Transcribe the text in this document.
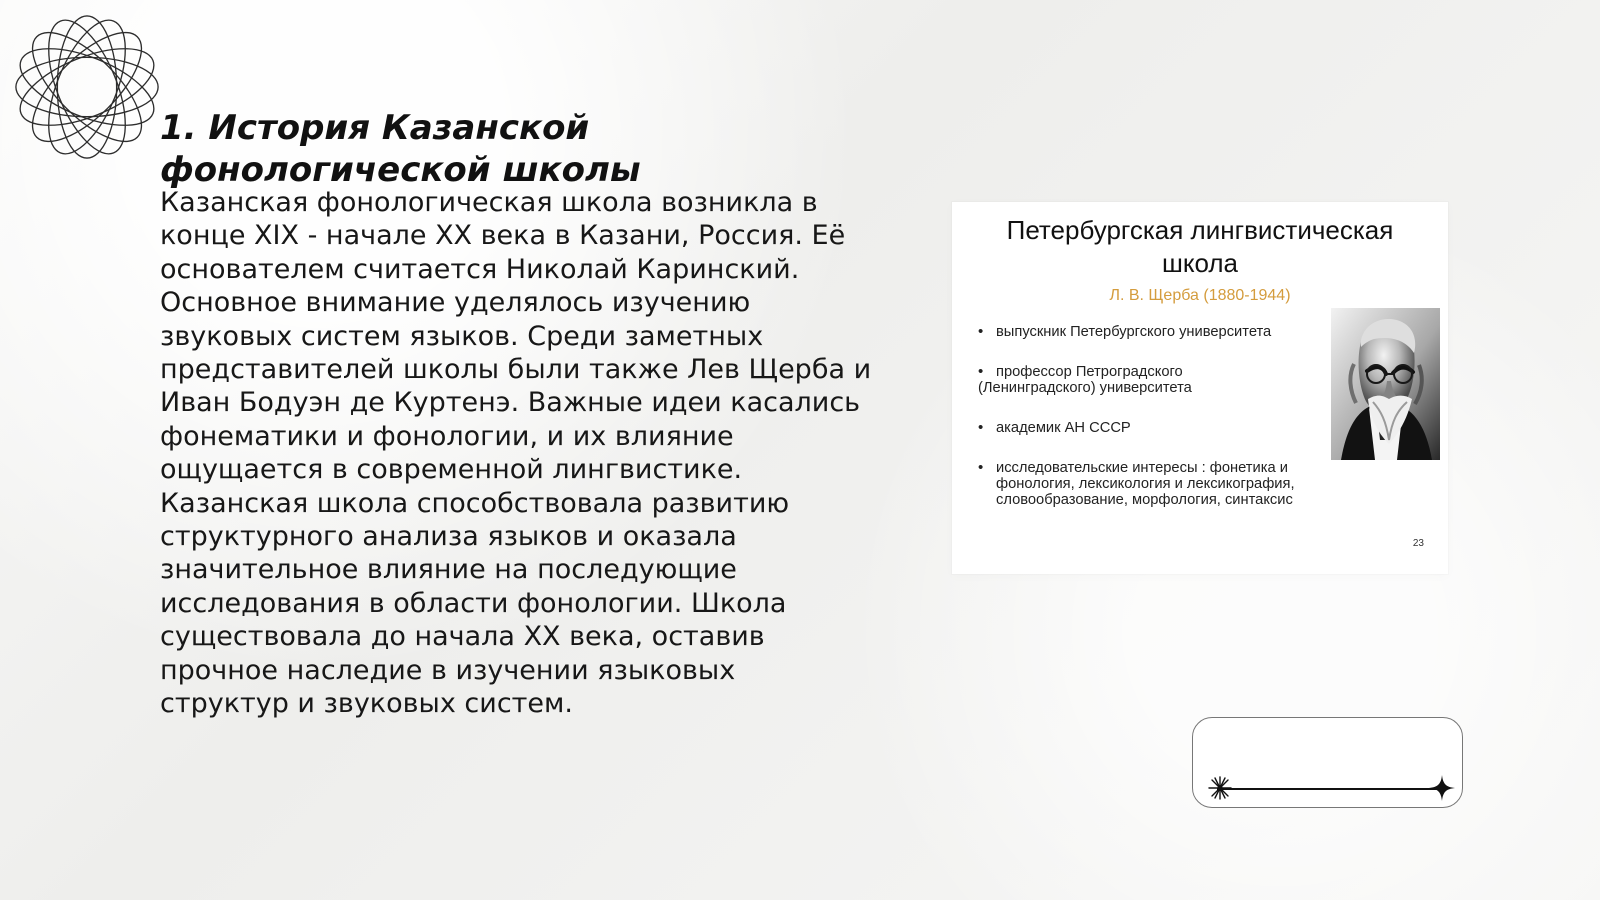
1. История Казанской
фонологической школы

Казанская фонологическая школа возникла в
конце XIX - начале XX века в Казани, Россия. Её
основателем считается Николай Каринский.
Основное внимание уделялось изучению
звуковых систем языков. Среди заметных
представителей школы были также Лев Щерба и
Иван Бодуэн де Куртенэ. Важные идеи касались
фонематики и фонологии, и их влияние
ощущается в современной лингвистике.
Казанская школа способствовала развитию
структурного анализа языков и оказала
значительное влияние на последующие
исследования в области фонологии. Школа
существовала до начала XX века, оставив
прочное наследие в изучении языковых
структур и звуковых систем.

Петербургская лингвистическая
школа

Л. В. Щерба (1880-1944)

• выпускник Петербургского университета
• профессор Петроградского
(Ленинградского) университета
• академик АН СССР
• исследовательские интересы : фонетика и
фонология, лексикология и лексикография,
словообразование, морфология, синтаксис

23
